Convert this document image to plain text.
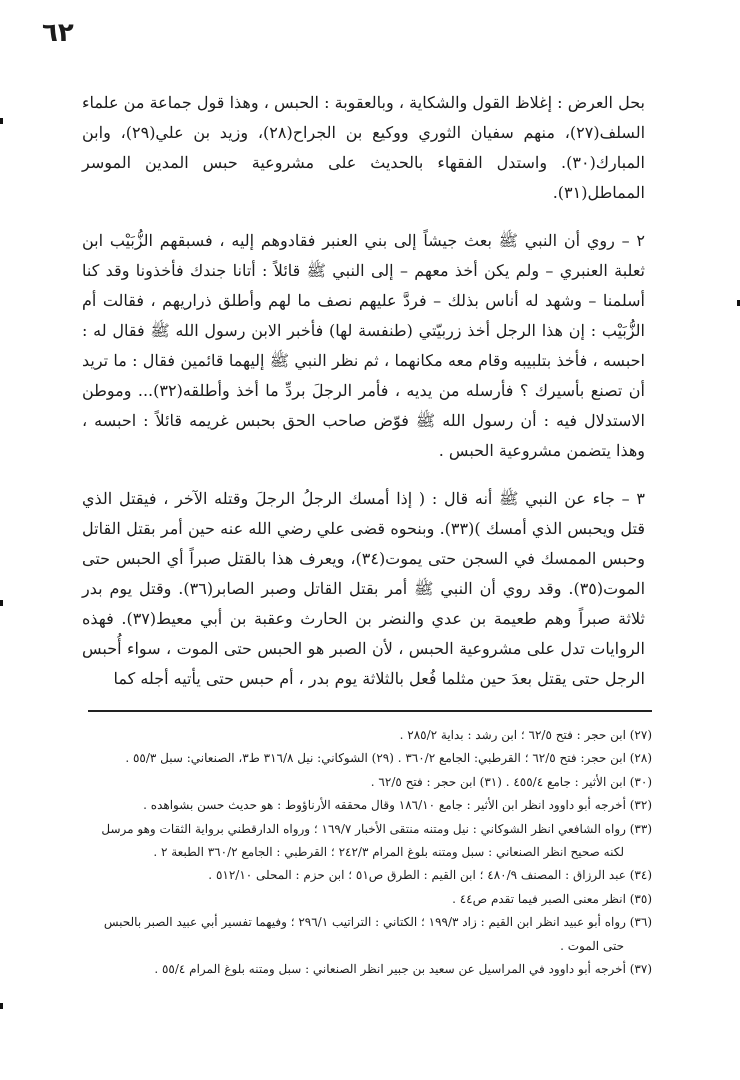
٦٢

بحل العرض : إغلاظ القول والشكاية ، وبالعقوبة : الحبس ، وهذا قول جماعة من علماء السلف(٢٧)، منهم سفيان الثوري ووكيع بن الجراح(٢٨)، وزيد بن علي(٢٩)، وابن المبارك(٣٠). واستدل الفقهاء بالحديث على مشروعية حبس المدين الموسر المماطل(٣١).

٢ – روي أن النبي ﷺ بعث جيشاً إلى بني العنبر فقادوهم إليه ، فسبقهم الزُّبَيْب ابن ثعلبة العنبري – ولم يكن أخذ معهم – إلى النبي ﷺ قائلاً : أتانا جندك فأخذونا وقد كنا أسلمنا – وشهد له أناس بذلك – فردَّ عليهم نصف ما لهم وأطلق ذراريهم ، فقالت أم الزُّبَيْب : إن هذا الرجل أخذ زربيّتي (طنفسة لها) فأخبر الابن رسول الله ﷺ فقال له : احبسه ، فأخذ بتلبيبه وقام معه مكانهما ، ثم نظر النبي ﷺ إليهما قائمين فقال : ما تريد أن تصنع بأسيرك ؟ فأرسله من يديه ، فأمر الرجلَ بردِّ ما أخذ وأطلقه(٣٢)... وموطن الاستدلال فيه : أن رسول الله ﷺ فوّض صاحب الحق بحبس غريمه قائلاً : احبسه ، وهذا يتضمن مشروعية الحبس .

٣ – جاء عن النبي ﷺ أنه قال : ( إذا أمسك الرجلُ الرجلَ وقتله الآخر ، فيقتل الذي قتل ويحبس الذي أمسك )(٣٣). وبنحوه قضى علي رضي الله عنه حين أمر بقتل القاتل وحبس الممسك في السجن حتى يموت(٣٤)، ويعرف هذا بالقتل صبراً أي الحبس حتى الموت(٣٥). وقد روي أن النبي ﷺ أمر بقتل القاتل وصبر الصابر(٣٦). وقتل يوم بدر ثلاثة صبراً وهم طعيمة بن عدي والنضر بن الحارث وعقبة بن أبي معيط(٣٧). فهذه الروايات تدل على مشروعية الحبس ، لأن الصبر هو الحبس حتى الموت ، سواء أُحبس الرجل حتى يقتل بعدَ حين مثلما فُعل بالثلاثة يوم بدر ، أم حبس حتى يأتيه أجله كما

(٢٧) ابن حجر : فتح ٦٢/٥ ؛ ابن رشد : بداية ٢٨٥/٢ .

(٢٨) ابن حجر: فتح ٦٢/٥ ؛ القرطبي: الجامع ٣٦٠/٢ . (٢٩) الشوكاني: نيل ٣١٦/٨ ط٣، الصنعاني: سبل ٥٥/٣ .

(٣٠) ابن الأثير : جامع ٤٥٥/٤ . (٣١) ابن حجر : فتح ٦٢/٥ .

(٣٢) أخرجه أبو داوود انظر ابن الأثير : جامع ١٨٦/١٠ وقال محققه الأرناؤوط : هو حديث حسن بشواهده .

(٣٣) رواه الشافعي انظر الشوكاني : نيل ومتنه منتقى الأخبار ١٦٩/٧ ؛ ورواه الدارقطني برواية الثقات وهو مرسل

لكنه صحيح انظر الصنعاني : سبل ومتنه بلوغ المرام ٢٤٢/٣ ؛ القرطبي : الجامع ٣٦٠/٢ الطبعة ٢ .

(٣٤) عبد الرزاق : المصنف ٤٨٠/٩ ؛ ابن القيم : الطرق ص٥١ ؛ ابن حزم : المحلى ٥١٢/١٠ .

(٣٥) انظر معنى الصبر فيما تقدم ص٤٤ .

(٣٦) رواه أبو عبيد انظر ابن القيم : زاد ١٩٩/٣ ؛ الكتاني : التراتيب ٢٩٦/١ ؛ وفيهما تفسير أبي عبيد الصبر بالحبس

حتى الموت .

(٣٧) أخرجه أبو داوود في المراسيل عن سعيد بن جبير انظر الصنعاني : سبل ومتنه بلوغ المرام ٥٥/٤ .
